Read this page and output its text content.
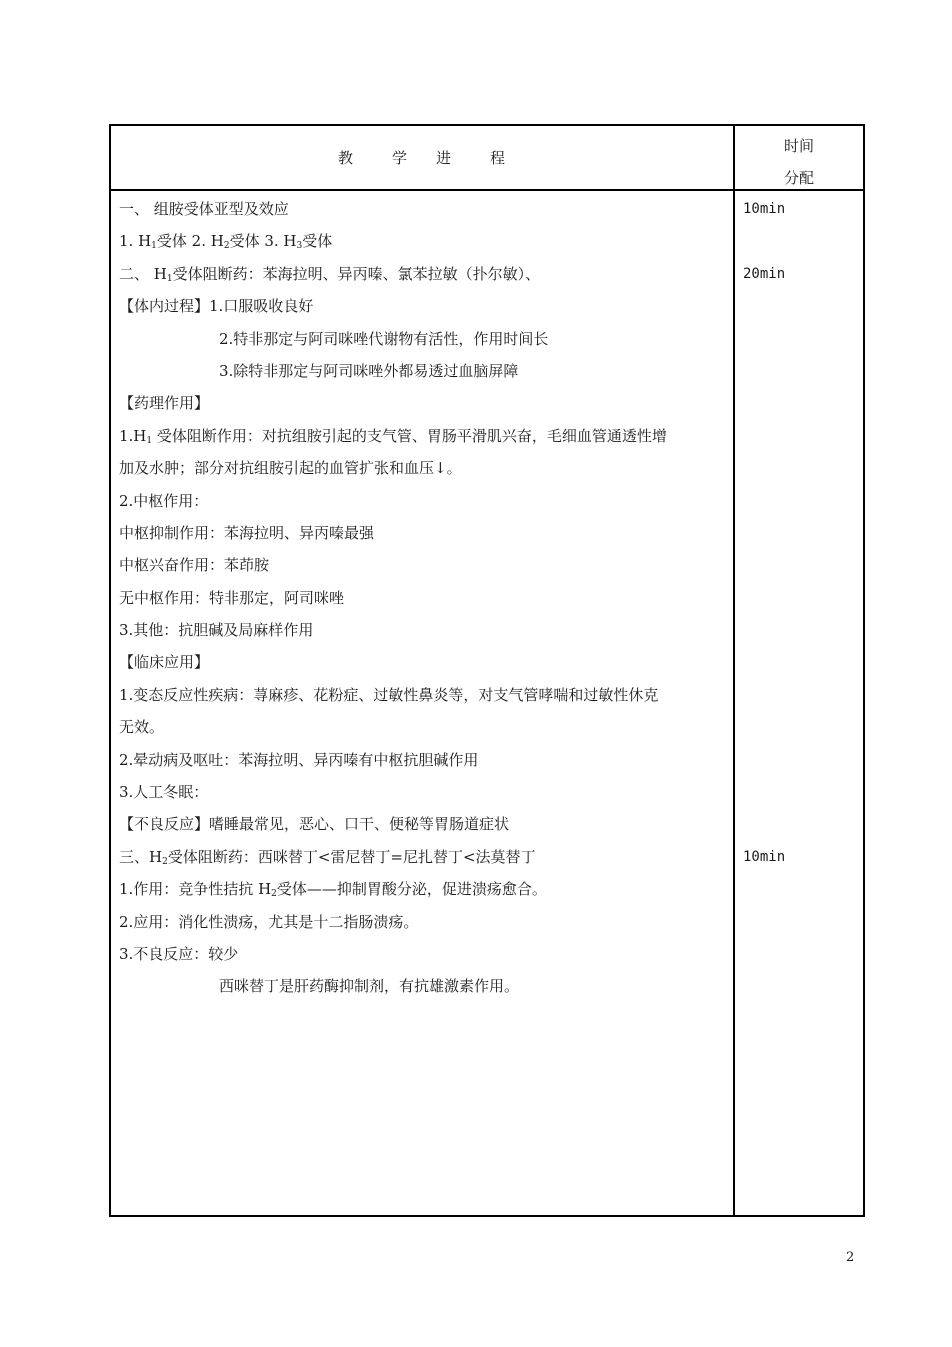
教	学 进	程
时间
分配
一、 组胺受体亚型及效应
1. $H_1$受体 2. $H_2$受体 3. $H_3$受体
二、 $H_1$受体阻断药：苯海拉明、异丙嗪、氯苯拉敏（扑尔敏）、
【体内过程】1.口服吸收良好
2.特非那定与阿司咪唑代谢物有活性，作用时间长
3.除特非那定与阿司咪唑外都易透过血脑屏障
【药理作用】
$1.H_1$ 受体阻断作用：对抗组胺引起的支气管、胃肠平滑肌兴奋，毛细血管通透性增
加及水肿；部分对抗组胺引起的血管扩张和血压↓。
2.中枢作用：
中枢抑制作用：苯海拉明、异丙嗪最强
中枢兴奋作用：苯茚胺
无中枢作用：特非那定，阿司咪唑
3.其他：抗胆碱及局麻样作用
【临床应用】
1.变态反应性疾病：荨麻疹、花粉症、过敏性鼻炎等，对支气管哮喘和过敏性休克
无效。
2.晕动病及呕吐：苯海拉明、异丙嗪有中枢抗胆碱作用
3.人工冬眠：
【不良反应】嗜睡最常见，恶心、口干、便秘等胃肠道症状
三、$H_2$受体阻断药：西咪替丁<雷尼替丁=尼扎替丁<法莫替丁
1.作用：竞争性拮抗 $H_2$受体——抑制胃酸分泌，促进溃疡愈合。
2.应用：消化性溃疡，尤其是十二指肠溃疡。
3.不良反应：较少
西咪替丁是肝药酶抑制剂，有抗雄激素作用。
10min
20min
10min
2
